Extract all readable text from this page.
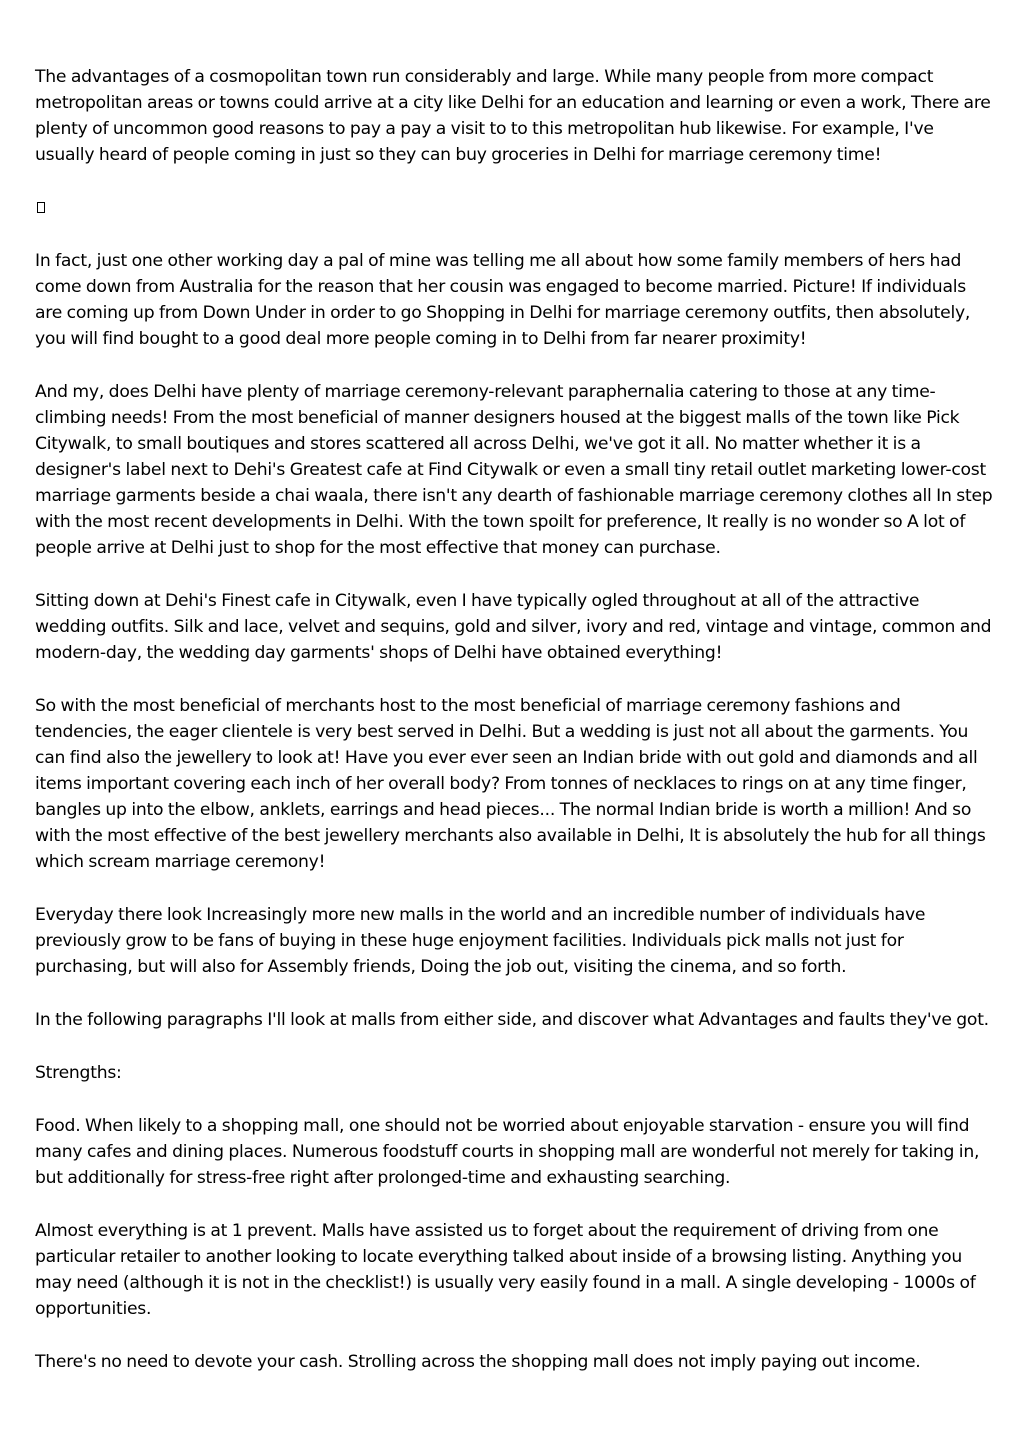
The advantages of a cosmopolitan town run considerably and large. While many people from more compact metropolitan areas or towns could arrive at a city like Delhi for an education and learning or even a work, There are plenty of uncommon good reasons to pay a pay a visit to to this metropolitan hub likewise. For example, I've usually heard of people coming in just so they can buy groceries in Delhi for marriage ceremony time!

In fact, just one other working day a pal of mine was telling me all about how some family members of hers had come down from Australia for the reason that her cousin was engaged to become married. Picture! If individuals are coming up from Down Under in order to go Shopping in Delhi for marriage ceremony outfits, then absolutely, you will find bought to a good deal more people coming in to Delhi from far nearer proximity!

And my, does Delhi have plenty of marriage ceremony-relevant paraphernalia catering to those at any time-climbing needs! From the most beneficial of manner designers housed at the biggest malls of the town like Pick Citywalk, to small boutiques and stores scattered all across Delhi, we've got it all. No matter whether it is a designer's label next to Dehi's Greatest cafe at Find Citywalk or even a small tiny retail outlet marketing lower-cost marriage garments beside a chai waala, there isn't any dearth of fashionable marriage ceremony clothes all In step with the most recent developments in Delhi. With the town spoilt for preference, It really is no wonder so A lot of people arrive at Delhi just to shop for the most effective that money can purchase.

Sitting down at Dehi's Finest cafe in Citywalk, even I have typically ogled throughout at all of the attractive wedding outfits. Silk and lace, velvet and sequins, gold and silver, ivory and red, vintage and vintage, common and modern-day, the wedding day garments' shops of Delhi have obtained everything!

So with the most beneficial of merchants host to the most beneficial of marriage ceremony fashions and tendencies, the eager clientele is very best served in Delhi. But a wedding is just not all about the garments. You can find also the jewellery to look at! Have you ever ever seen an Indian bride with out gold and diamonds and all items important covering each inch of her overall body? From tonnes of necklaces to rings on at any time finger, bangles up into the elbow, anklets, earrings and head pieces... The normal Indian bride is worth a million! And so with the most effective of the best jewellery merchants also available in Delhi, It is absolutely the hub for all things which scream marriage ceremony!

Everyday there look Increasingly more new malls in the world and an incredible number of individuals have previously grow to be fans of buying in these huge enjoyment facilities. Individuals pick malls not just for purchasing, but will also for Assembly friends, Doing the job out, visiting the cinema, and so forth.

In the following paragraphs I'll look at malls from either side, and discover what Advantages and faults they've got.

Strengths:

Food. When likely to a shopping mall, one should not be worried about enjoyable starvation - ensure you will find many cafes and dining places. Numerous foodstuff courts in shopping mall are wonderful not merely for taking in, but additionally for stress-free right after prolonged-time and exhausting searching.

Almost everything is at 1 prevent. Malls have assisted us to forget about the requirement of driving from one particular retailer to another looking to locate everything talked about inside of a browsing listing. Anything you may need (although it is not in the checklist!) is usually very easily found in a mall. A single developing - 1000s of opportunities.

There's no need to devote your cash. Strolling across the shopping mall does not imply paying out income.
